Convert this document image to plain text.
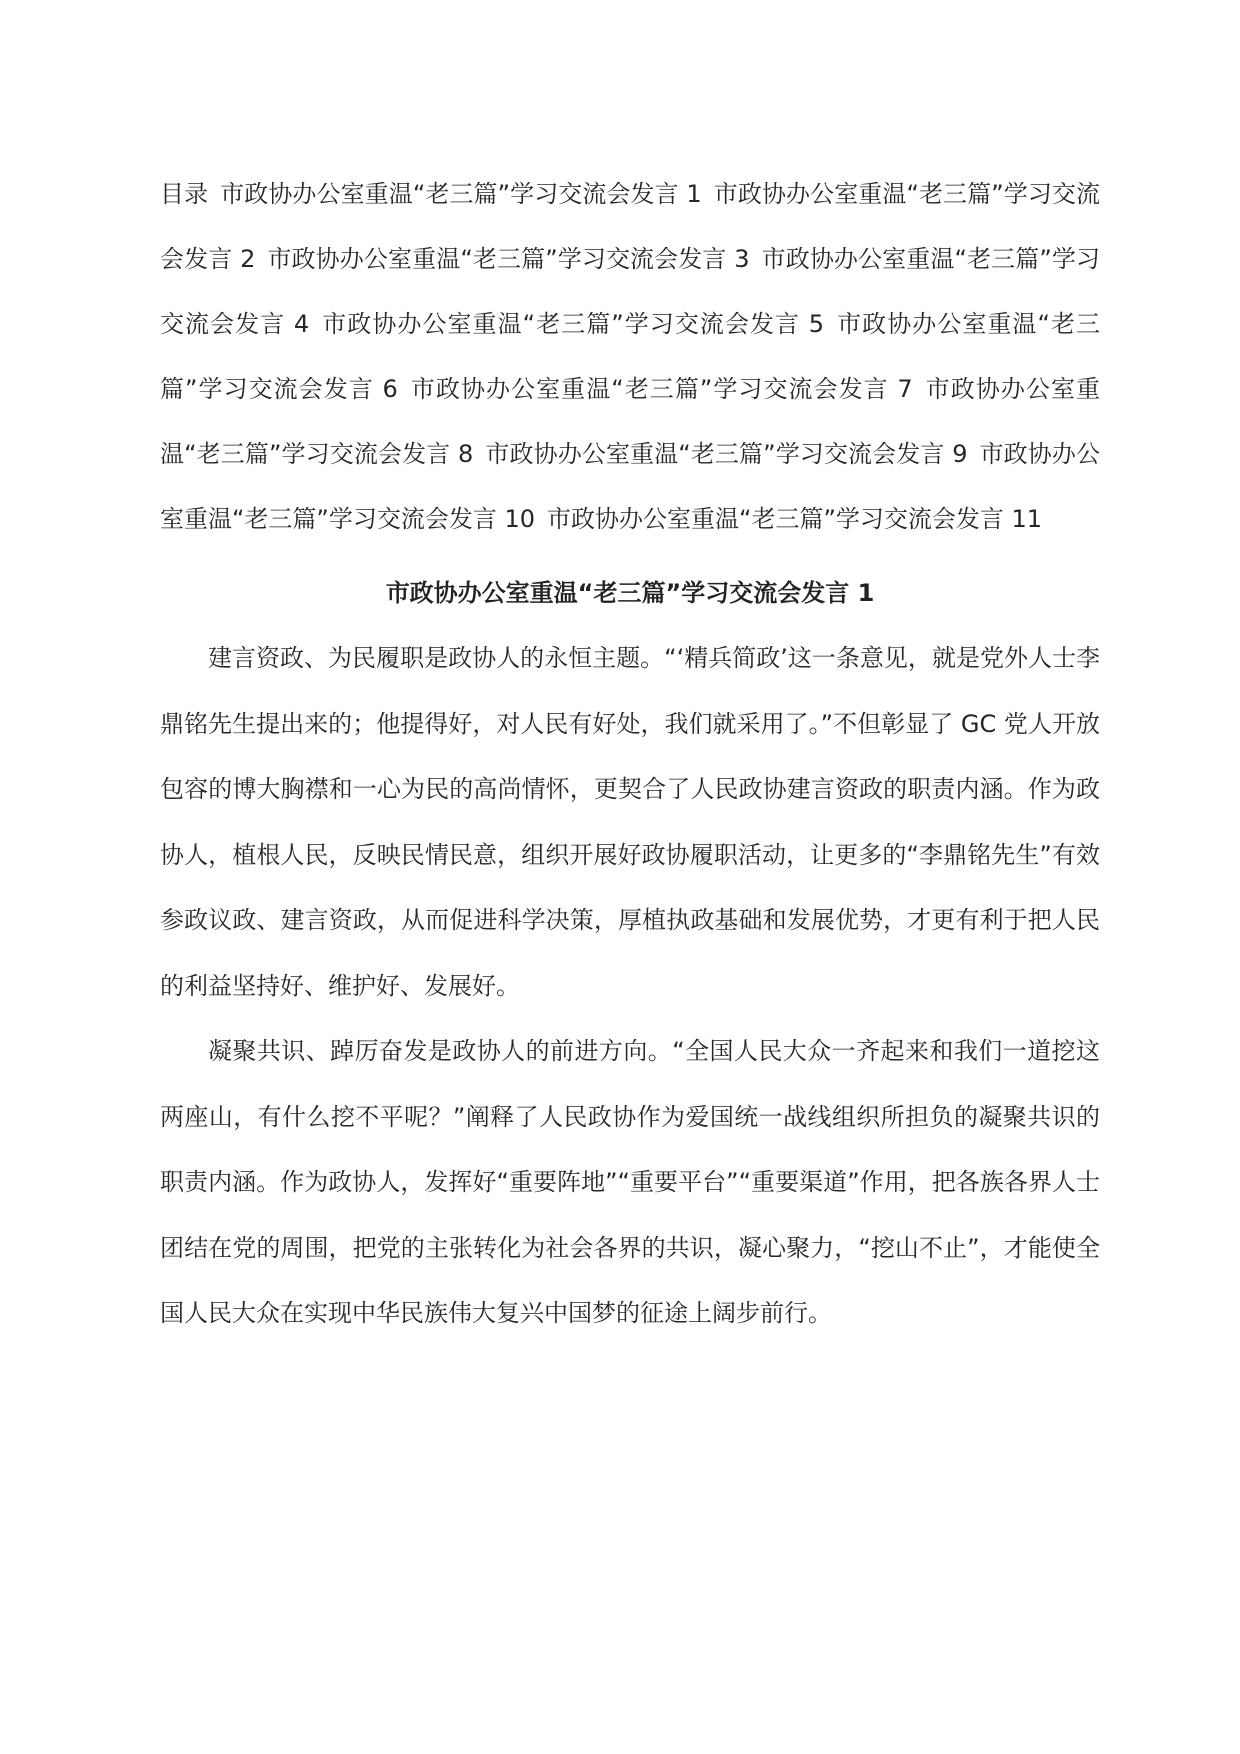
目录 市政协办公室重温“老三篇”学习交流会发言 1 市政协办公室重温“老三篇”学习交流会发言 2 市政协办公室重温“老三篇”学习交流会发言 3 市政协办公室重温“老三篇”学习交流会发言 4 市政协办公室重温“老三篇”学习交流会发言 5 市政协办公室重温“老三篇”学习交流会发言 6 市政协办公室重温“老三篇”学习交流会发言 7 市政协办公室重温“老三篇”学习交流会发言 8 市政协办公室重温“老三篇”学习交流会发言 9 市政协办公室重温“老三篇”学习交流会发言 10 市政协办公室重温“老三篇”学习交流会发言 11

市政协办公室重温“老三篇”学习交流会发言 1

建言资政、为民履职是政协人的永恒主题。“‘精兵简政’这一条意见，就是党外人士李鼎铭先生提出来的；他提得好，对人民有好处，我们就采用了。”不但彰显了 GC 党人开放包容的博大胸襟和一心为民的高尚情怀，更契合了人民政协建言资政的职责内涵。作为政协人，植根人民，反映民情民意，组织开展好政协履职活动，让更多的“李鼎铭先生”有效参政议政、建言资政，从而促进科学决策，厚植执政基础和发展优势，才更有利于把人民的利益坚持好、维护好、发展好。

凝聚共识、踔厉奋发是政协人的前进方向。“全国人民大众一齐起来和我们一道挖这两座山，有什么挖不平呢？”阐释了人民政协作为爱国统一战线组织所担负的凝聚共识的职责内涵。作为政协人，发挥好“重要阵地”“重要平台”“重要渠道”作用，把各族各界人士团结在党的周围，把党的主张转化为社会各界的共识，凝心聚力，“挖山不止”，才能使全国人民大众在实现中华民族伟大复兴中国梦的征途上阔步前行。
